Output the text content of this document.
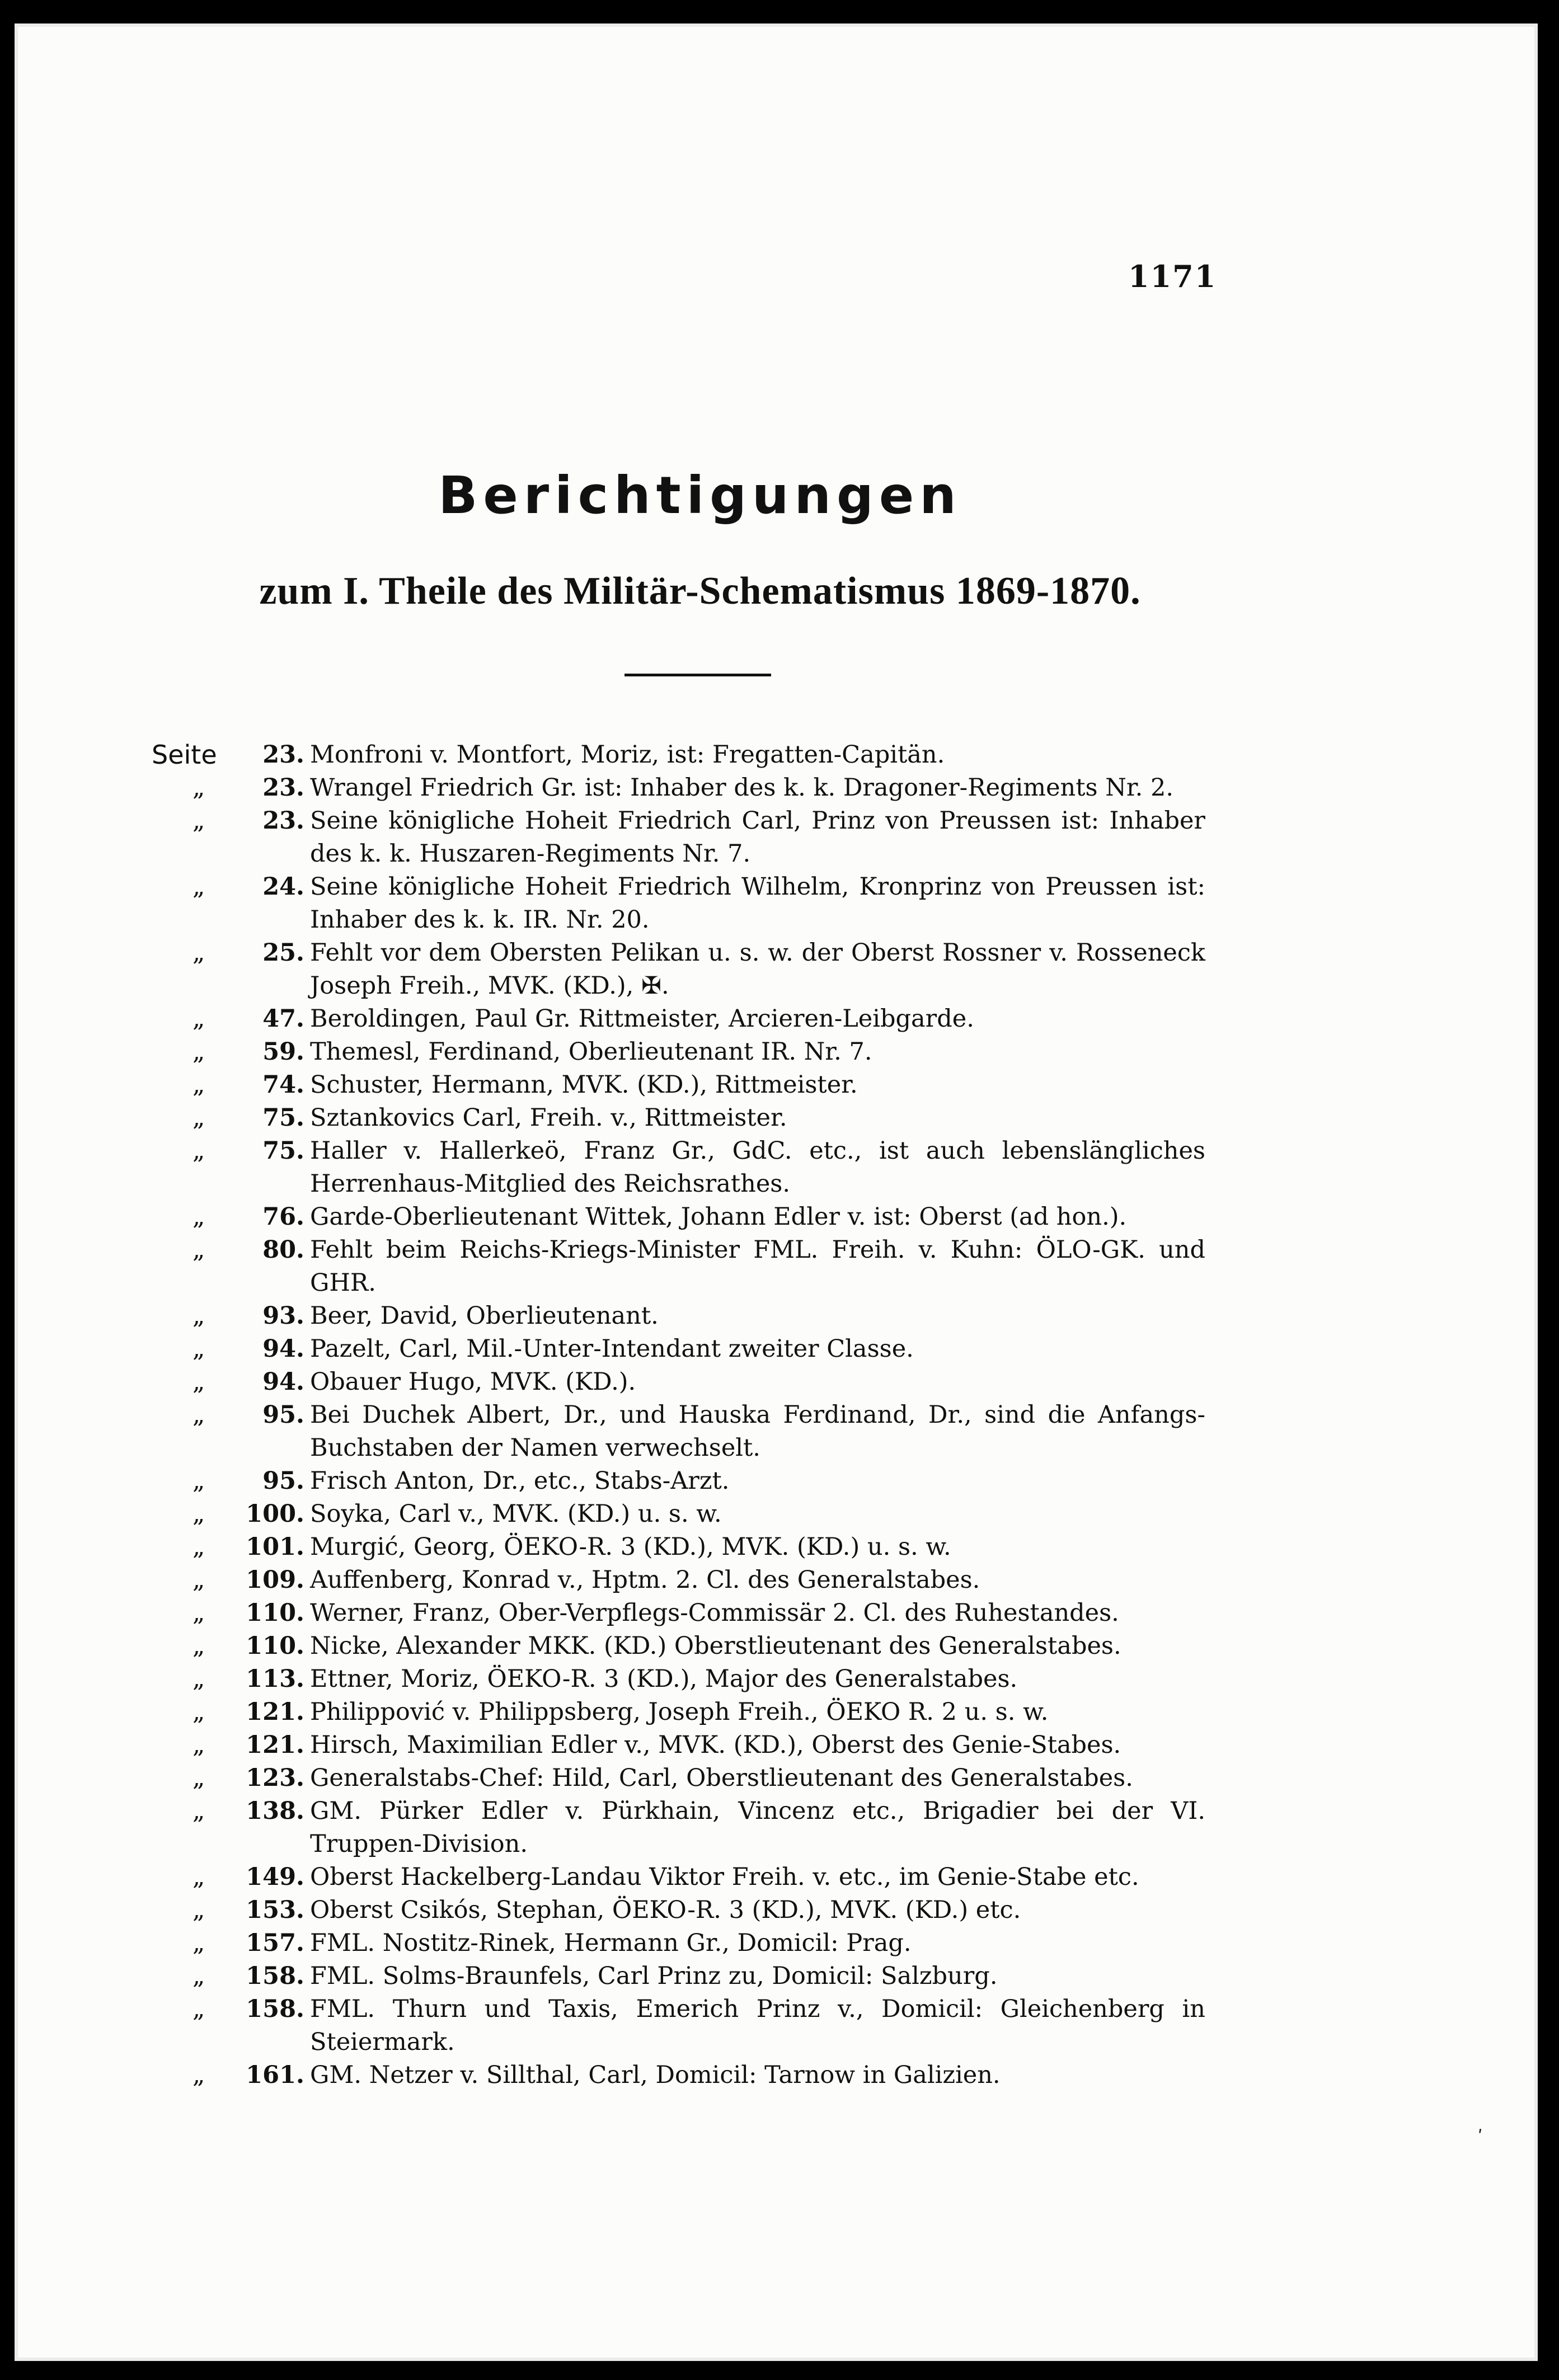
1171
Berichtigungen
zum I. Theile des Militär-Schematismus 1869-1870.
Seite	23. Monfroni v. Montfort, Moriz, ist: Fregatten-Capitän.
„	23. Wrangel Friedrich Gr. ist: Inhaber des k. k. Dragoner-Regiments Nr. 2.
„	23. Seine königliche Hoheit Friedrich Carl, Prinz von Preussen ist: Inhaber des k. k. Huszaren-Regiments Nr. 7.
„	24. Seine königliche Hoheit Friedrich Wilhelm, Kronprinz von Preussen ist: Inhaber des k. k. IR. Nr. 20.
„	25. Fehlt vor dem Obersten Pelikan u. s. w. der Oberst Rossner v. Rosseneck Joseph Freih., MVK. (KD.), ✠.
„	47. Beroldingen, Paul Gr. Rittmeister, Arcieren-Leibgarde.
„	59. Themesl, Ferdinand, Oberlieutenant IR. Nr. 7.
„	74. Schuster, Hermann, MVK. (KD.), Rittmeister.
„	75. Sztankovics Carl, Freih. v., Rittmeister.
„	75. Haller v. Hallerkeö, Franz Gr., GdC. etc., ist auch lebenslängliches Herrenhaus-Mitglied des Reichsrathes.
„	76. Garde-Oberlieutenant Wittek, Johann Edler v. ist: Oberst (ad hon.).
„	80. Fehlt beim Reichs-Kriegs-Minister FML. Freih. v. Kuhn: ÖLO-GK. und GHR.
„	93. Beer, David, Oberlieutenant.
„	94. Pazelt, Carl, Mil.-Unter-Intendant zweiter Classe.
„	94. Obauer Hugo, MVK. (KD.).
„	95. Bei Duchek Albert, Dr., und Hauska Ferdinand, Dr., sind die Anfangs-Buchstaben der Namen verwechselt.
„	95. Frisch Anton, Dr., etc., Stabs-Arzt.
„	100. Soyka, Carl v., MVK. (KD.) u. s. w.
„	101. Murgić, Georg, ÖEKO-R. 3 (KD.), MVK. (KD.) u. s. w.
„	109. Auffenberg, Konrad v., Hptm. 2. Cl. des Generalstabes.
„	110. Werner, Franz, Ober-Verpflegs-Commissär 2. Cl. des Ruhestandes.
„	110. Nicke, Alexander MKK. (KD.) Oberstlieutenant des Generalstabes.
„	113. Ettner, Moriz, ÖEKO-R. 3 (KD.), Major des Generalstabes.
„	121. Philippović v. Philippsberg, Joseph Freih., ÖEKO R. 2 u. s. w.
„	121. Hirsch, Maximilian Edler v., MVK. (KD.), Oberst des Genie-Stabes.
„	123. Generalstabs-Chef: Hild, Carl, Oberstlieutenant des Generalstabes.
„	138. GM. Pürker Edler v. Pürkhain, Vincenz etc., Brigadier bei der VI. Truppen-Division.
„	149. Oberst Hackelberg-Landau Viktor Freih. v. etc., im Genie-Stabe etc.
„	153. Oberst Csikós, Stephan, ÖEKO-R. 3 (KD.), MVK. (KD.) etc.
„	157. FML. Nostitz-Rinek, Hermann Gr., Domicil: Prag.
„	158. FML. Solms-Braunfels, Carl Prinz zu, Domicil: Salzburg.
„	158. FML. Thurn und Taxis, Emerich Prinz v., Domicil: Gleichenberg in Steiermark.
„	161. GM. Netzer v. Sillthal, Carl, Domicil: Tarnow in Galizien.
ʹ
